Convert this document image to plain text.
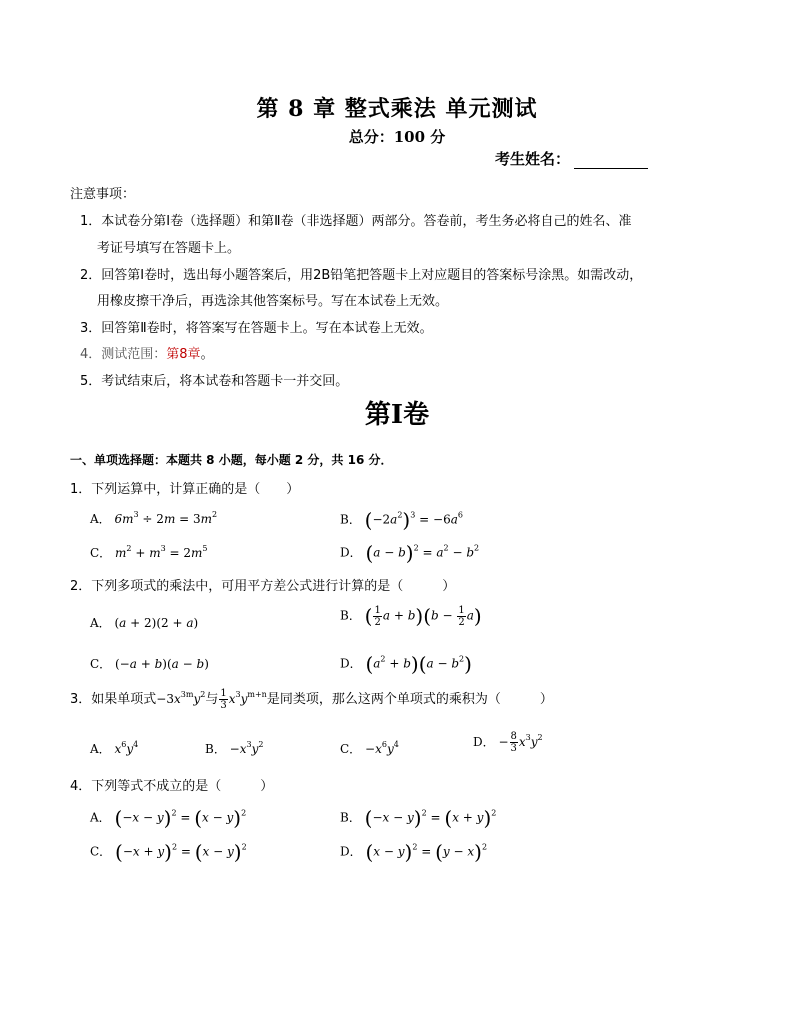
第 8 章 整式乘法 单元测试
总分：100 分
考生姓名：
注意事项：
1．本试卷分第Ⅰ卷（选择题）和第Ⅱ卷（非选择题）两部分。答卷前，考生务必将自己的姓名、准
考证号填写在答题卡上。
2．回答第Ⅰ卷时，选出每小题答案后，用2B铅笔把答题卡上对应题目的答案标号涂黑。如需改动，
用橡皮擦干净后，再选涂其他答案标号。写在本试卷上无效。
3．回答第Ⅱ卷时，将答案写在答题卡上。写在本试卷上无效。
4．测试范围：第8章。
5．考试结束后，将本试卷和答题卡一并交回。
第Ⅰ卷
一、单项选择题：本题共 8 小题，每小题 2 分，共 16 分．
1．下列运算中，计算正确的是（　　）
A． $6m^3 \div 2m = 3m^2$	B． $(-2a^2)^3 = -6a^6$
C． $m^2 + m^3 = 2m^5$	D． $(a - b)^2 = a^2 - b^2$
2．下列多项式的乘法中，可用平方差公式进行计算的是（　　　）
A． (a + 2)(2 + a)
B． ( $\frac{1}{2}$ $a + b)(b - \frac{1}{2} a)$
C． (−a + b)(a − b)	D． $(a^2 + b)(a - b^2)$
3．如果单项式$-3x^{3m}y^2$与 $\frac{1}{3} x^3y^{m+n}$是同类项，那么这两个单项式的乘积为（　　　）
A． $x^6y^4$	B． $-x^3y^2$	C． $-x^6y^4$	D． − $\frac{8}{3} x^3y^2$
4．下列等式不成立的是（　　　）
A． $(-x - y)^2 = (x - y)^2$	B． $(-x - y)^2 = (x + y)^2$
C． $(-x + y)^2 = (x - y)^2$	D． $(x - y)^2 = (y - x)^2$
